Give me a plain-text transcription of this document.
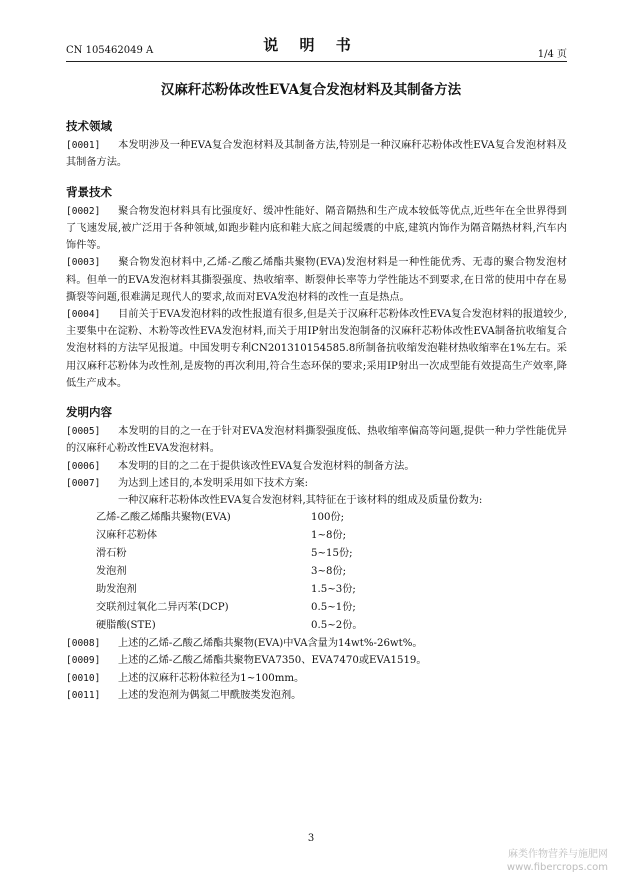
CN 105462049 A	说 明 书
1/4 页
汉麻秆芯粉体改性EVA复合发泡材料及其制备方法
技术领域

[0001] 本发明涉及一种EVA复合发泡材料及其制备方法,特别是一种汉麻秆芯粉体改性EVA复合发泡材料及其制备方法。

背景技术

[0002] 聚合物发泡材料具有比强度好、缓冲性能好、隔音隔热和生产成本较低等优点,近些年在全世界得到了飞速发展,被广泛用于各种领域,如跑步鞋内底和鞋大底之间起缓震的中底,建筑内饰作为隔音隔热材料,汽车内饰件等。

[0003] 聚合物发泡材料中,乙烯-乙酸乙烯酯共聚物(EVA)发泡材料是一种性能优秀、无毒的聚合物发泡材料。但单一的EVA发泡材料其撕裂强度、热收缩率、断裂伸长率等力学性能达不到要求,在日常的使用中存在易撕裂等问题,很难满足现代人的要求,故而对EVA发泡材料的改性一直是热点。

[0004] 目前关于EVA发泡材料的改性报道有很多,但是关于汉麻秆芯粉体改性EVA复合发泡材料的报道较少,主要集中在淀粉、木粉等改性EVA发泡材料,而关于用IP射出发泡制备的汉麻秆芯粉体改性EVA制备抗收缩复合发泡材料的方法罕见报道。中国发明专利CN201310154585.8所制备抗收缩发泡鞋材热收缩率在1%左右。采用汉麻秆芯粉体为改性剂,是废物的再次利用,符合生态环保的要求;采用IP射出一次成型能有效提高生产效率,降低生产成本。

发明内容

[0005] 本发明的目的之一在于针对EVA发泡材料撕裂强度低、热收缩率偏高等问题,提供一种力学性能优异的汉麻秆心粉改性EVA发泡材料。

[0006] 本发明的目的之二在于提供该改性EVA复合发泡材料的制备方法。

[0007] 为达到上述目的,本发明采用如下技术方案:

一种汉麻秆芯粉体改性EVA复合发泡材料,其特征在于该材料的组成及质量份数为:
乙烯-乙酸乙烯酯共聚物(EVA)	100份;
汉麻秆芯粉体	1~8份;
滑石粉	5~15份;
发泡剂	3~8份;
助发泡剂	1.5~3份;
交联剂过氧化二异丙苯(DCP)	0.5~1份;
硬脂酸(STE)	0.5~2份。

[0008] 上述的乙烯-乙酸乙烯酯共聚物(EVA)中VA含量为14wt%-26wt%。

[0009] 上述的乙烯-乙酸乙烯酯共聚物EVA7350、EVA7470或EVA1519。

[0010] 上述的汉麻秆芯粉体粒径为1~100mm。

[0011] 上述的发泡剂为偶氮二甲酰胺类发泡剂。

3
麻类作物营养与施肥网
www.fibercrops.com
